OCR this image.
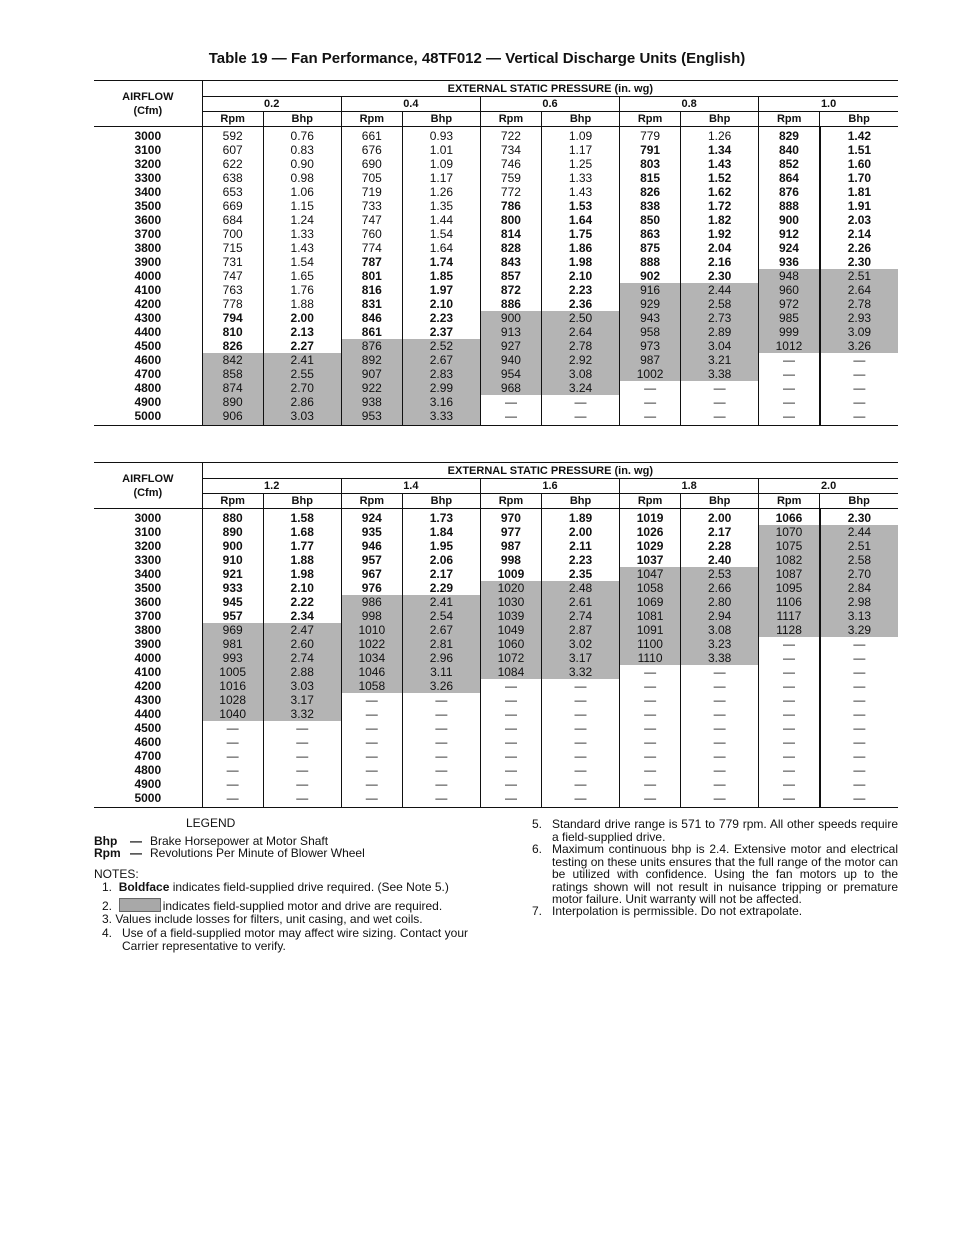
Table 19 — Fan Performance, 48TF012 — Vertical Discharge Units (English)
AIRFLOW
(Cfm)	EXTERNAL STATIC PRESSURE (in. wg)									
	0.2		0.4		0.6		0.8		1.0	
	Rpm	Bhp	Rpm	Bhp	Rpm	Bhp	Rpm	Bhp	Rpm	Bhp
3000	592	0.76	661	0.93	722	1.09	779	1.26	829	1.42
3100	607	0.83	676	1.01	734	1.17	791	1.34	840	1.51
3200	622	0.90	690	1.09	746	1.25	803	1.43	852	1.60
3300	638	0.98	705	1.17	759	1.33	815	1.52	864	1.70
3400	653	1.06	719	1.26	772	1.43	826	1.62	876	1.81
3500	669	1.15	733	1.35	786	1.53	838	1.72	888	1.91
3600	684	1.24	747	1.44	800	1.64	850	1.82	900	2.03
3700	700	1.33	760	1.54	814	1.75	863	1.92	912	2.14
3800	715	1.43	774	1.64	828	1.86	875	2.04	924	2.26
3900	731	1.54	787	1.74	843	1.98	888	2.16	936	2.30
4000	747	1.65	801	1.85	857	2.10	902	2.30	948	2.51
4100	763	1.76	816	1.97	872	2.23	916	2.44	960	2.64
4200	778	1.88	831	2.10	886	2.36	929	2.58	972	2.78
4300	794	2.00	846	2.23	900	2.50	943	2.73	985	2.93
4400	810	2.13	861	2.37	913	2.64	958	2.89	999	3.09
4500	826	2.27	876	2.52	927	2.78	973	3.04	1012	3.26
4600	842	2.41	892	2.67	940	2.92	987	3.21	—	—
4700	858	2.55	907	2.83	954	3.08	1002	3.38	—	—
4800	874	2.70	922	2.99	968	3.24	—	—	—	—
4900	890	2.86	938	3.16	—	—	—	—	—	—
5000	906	3.03	953	3.33	—	—	—	—	—	—
AIRFLOW
(Cfm)	EXTERNAL STATIC PRESSURE (in. wg)									
	1.2		1.4		1.6		1.8		2.0	
	Rpm	Bhp	Rpm	Bhp	Rpm	Bhp	Rpm	Bhp	Rpm	Bhp
3000	880	1.58	924	1.73	970	1.89	1019	2.00	1066	2.30
3100	890	1.68	935	1.84	977	2.00	1026	2.17	1070	2.44
3200	900	1.77	946	1.95	987	2.11	1029	2.28	1075	2.51
3300	910	1.88	957	2.06	998	2.23	1037	2.40	1082	2.58
3400	921	1.98	967	2.17	1009	2.35	1047	2.53	1087	2.70
3500	933	2.10	976	2.29	1020	2.48	1058	2.66	1095	2.84
3600	945	2.22	986	2.41	1030	2.61	1069	2.80	1106	2.98
3700	957	2.34	998	2.54	1039	2.74	1081	2.94	1117	3.13
3800	969	2.47	1010	2.67	1049	2.87	1091	3.08	1128	3.29
3900	981	2.60	1022	2.81	1060	3.02	1100	3.23	—	—
4000	993	2.74	1034	2.96	1072	3.17	1110	3.38	—	—
4100	1005	2.88	1046	3.11	1084	3.32	—	—	—	—
4200	1016	3.03	1058	3.26	—	—	—	—	—	—
4300	1028	3.17	—	—	—	—	—	—	—	—
4400	1040	3.32	—	—	—	—	—	—	—	—
4500	—	—	—	—	—	—	—	—	—	—
4600	—	—	—	—	—	—	—	—	—	—
4700	—	—	—	—	—	—	—	—	—	—
4800	—	—	—	—	—	—	—	—	—	—
4900	—	—	—	—	—	—	—	—	—	—
5000	—	—	—	—	—	—	—	—	—	—
LEGEND
Bhp — Brake Horsepower at Motor Shaft
Rpm — Revolutions Per Minute of Blower Wheel
NOTES:
1. Boldface indicates field-supplied drive required. (See Note 5.)
2.	indicates field-supplied motor and drive are required.
3. Values include losses for filters, unit casing, and wet coils.
4. Use of a field-supplied motor may affect wire sizing. Contact your Carrier representative to verify.
5. Standard drive range is 571 to 779 rpm. All other speeds require a field-supplied drive.
6. Maximum continuous bhp is 2.4. Extensive motor and electrical testing on these units ensures that the full range of the motor can be utilized with confidence. Using the fan motors up to the ratings shown will not result in nuisance tripping or premature motor failure. Unit warranty will not be affected.
7. Interpolation is permissible. Do not extrapolate.
